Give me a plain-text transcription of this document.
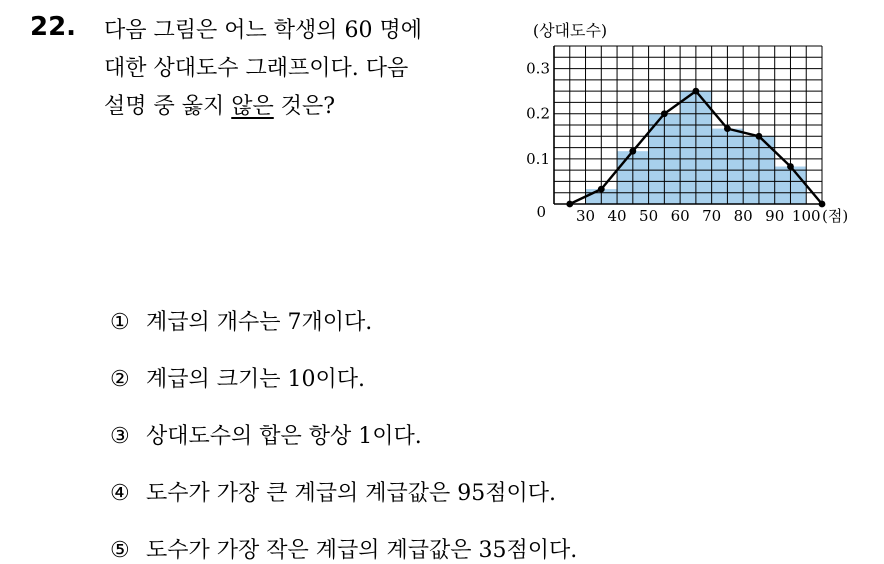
22. 다음 그림은 어느 학생의 60 명에
대한 상대도수 그래프이다. 다음
설명 중 옳지 않은 것은?
30 40 50 60 70 80 90 100
0.1
0.2
0.3
0	(점)
(상대도수)
① 계급의 개수는 7개이다.
② 계급의 크기는 10이다.
③ 상대도수의 합은 항상 1이다.
④ 도수가 가장 큰 계급의 계급값은 95점이다.
⑤ 도수가 가장 작은 계급의 계급값은 35점이다.
